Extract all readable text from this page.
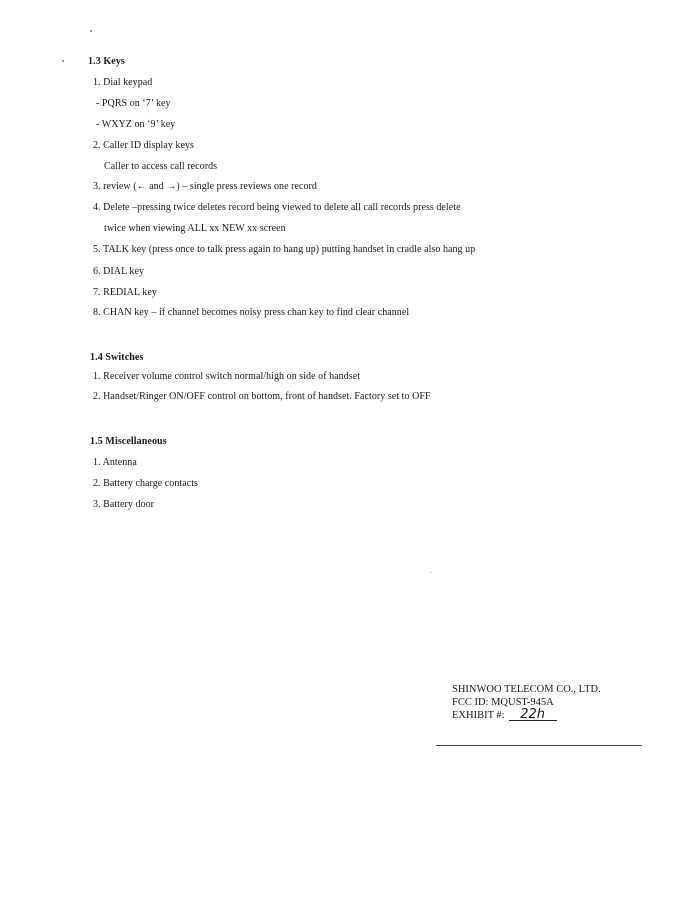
1.3 Keys
1. Dial keypad
- PQRS on ‘7’ key
- WXYZ on ‘9’ key
2. Caller ID display keys
Caller to access call records
3. review (← and →) – single press reviews one record
4. Delete –pressing twice deletes record being viewed to delete all call records press delete
twice when viewing ALL xx NEW xx screen
5. TALK key (press once to talk press again to hang up) putting handset in cradle also hang up
6. DIAL key
7. REDIAL key
8. CHAN key – if channel becomes noisy press chan key to find clear channel
1.4 Switches
1. Receiver volume control switch normal/high on side of handset
2. Handset/Ringer ON/OFF control on bottom, front of handset. Factory set to OFF
1.5 Miscellaneous
1. Antenna
2. Battery charge contacts
3. Battery door
SHINWOO TELECOM CO., LTD.
FCC ID: MQUST-945A
EXHIBIT #: 22h
